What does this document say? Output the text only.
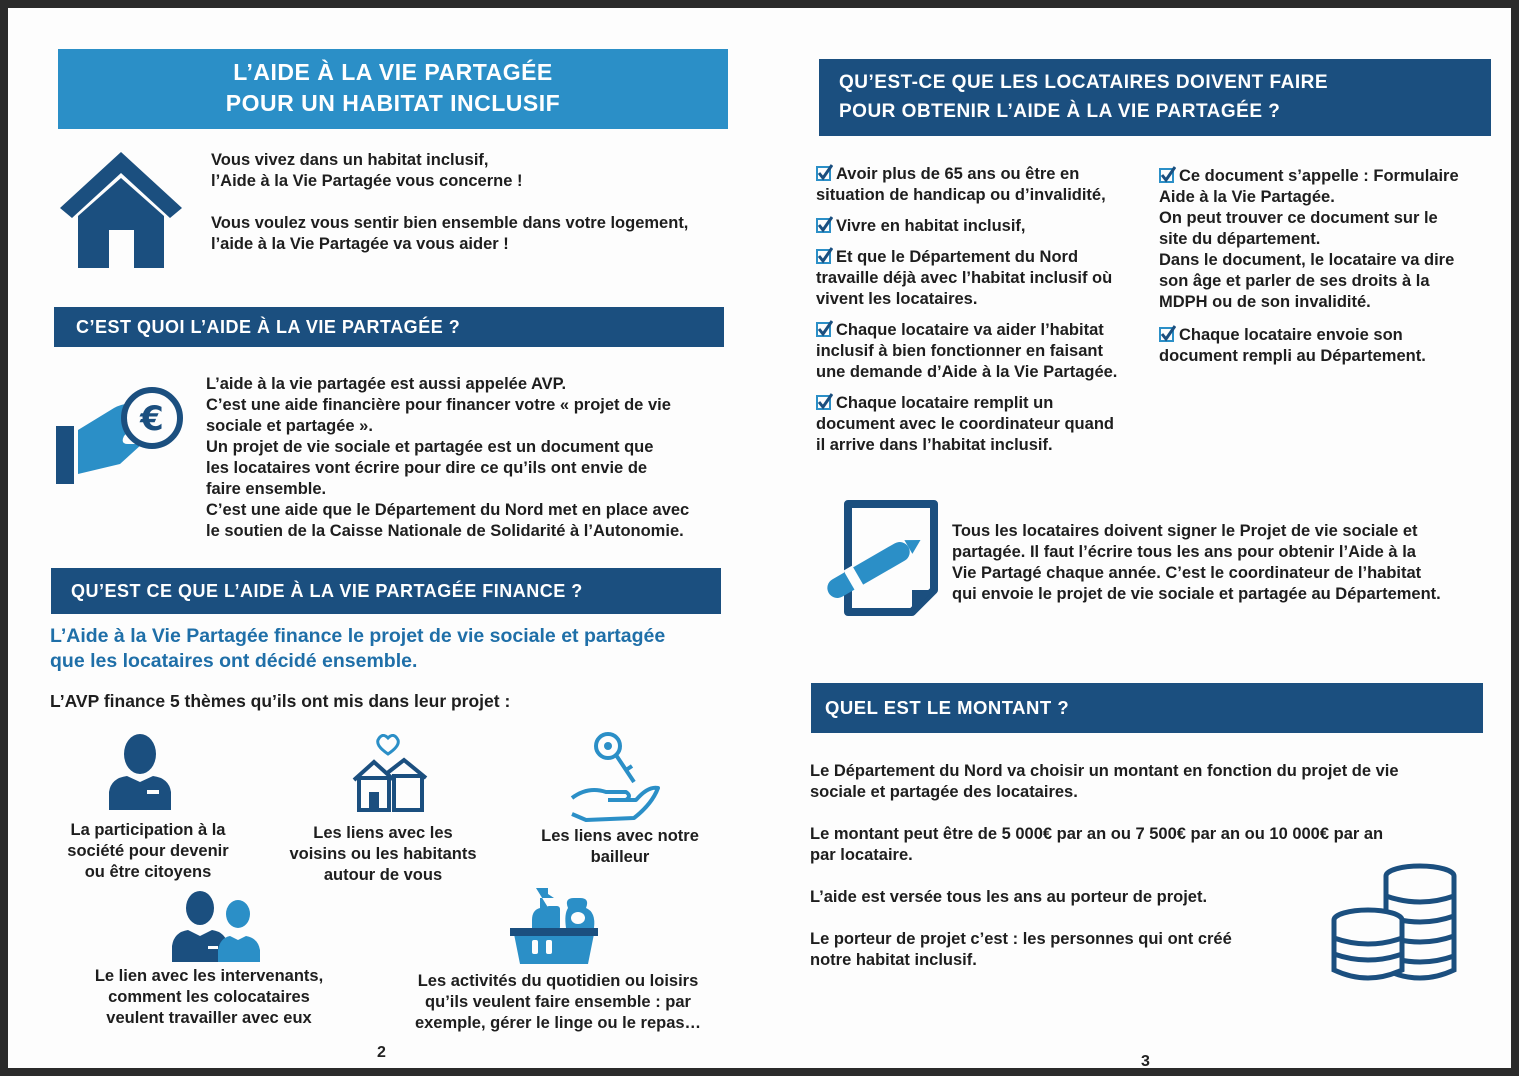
L’AIDE À LA VIE PARTAGÉE
POUR UN HABITAT INCLUSIF

Vous vivez dans un habitat inclusif,

l’Aide à la Vie Partagée vous concerne !

Vous voulez vous sentir bien ensemble dans votre logement,

l’aide à la Vie Partagée va vous aider !

C’EST QUOI L’AIDE À LA VIE PARTAGÉE ?
€

L’aide à la vie partagée est aussi appelée AVP.

C’est une aide financière pour financer votre « projet de vie

sociale et partagée ».

Un projet de vie sociale et partagée est un document que

les locataires vont écrire pour dire ce qu’ils ont envie de

faire ensemble.

C’est une aide que le Département du Nord met en place avec

le soutien de la Caisse Nationale de Solidarité à l’Autonomie.

QU’EST CE QUE L’AIDE À LA VIE PARTAGÉE FINANCE ?

L’Aide à la Vie Partagée finance le projet de vie sociale et partagée

que les locataires ont décidé ensemble.

L’AVP finance 5 thèmes qu’ils ont mis dans leur projet :

La participation à la

société pour devenir

ou être citoyens

Les liens avec les

voisins ou les habitants

autour de vous

Les liens avec notre

bailleur

Le lien avec les intervenants,

comment les colocataires

veulent travailler avec eux

Les activités du quotidien ou loisirs

qu’ils veulent faire ensemble : par

exemple, gérer le linge ou le repas…

2
QU’EST-CE QUE LES LOCATAIRES DOIVENT FAIRE
POUR OBTENIR L’AIDE À LA VIE PARTAGÉE ?

Avoir plus de 65 ans ou être en

situation de handicap ou d’invalidité,

Vivre en habitat inclusif,

Et que le Département du Nord

travaille déjà avec l’habitat inclusif où

vivent les locataires.

Chaque locataire va aider l’habitat

inclusif à bien fonctionner en faisant

une demande d’Aide à la Vie Partagée.

Chaque locataire remplit un

document avec le coordinateur quand

il arrive dans l’habitat inclusif.

Ce document s’appelle : Formulaire

Aide à la Vie Partagée.

On peut trouver ce document sur le

site du département.

Dans le document, le locataire va dire

son âge et parler de ses droits à la

MDPH ou de son invalidité.

Chaque locataire envoie son

document rempli au Département.

Tous les locataires doivent signer le Projet de vie sociale et

partagée. Il faut l’écrire tous les ans pour obtenir l’Aide à la

Vie Partagé chaque année. C’est le coordinateur de l’habitat

qui envoie le projet de vie sociale et partagée au Département.

QUEL EST LE MONTANT ?

Le Département du Nord va choisir un montant en fonction du projet de vie

sociale et partagée des locataires.

Le montant peut être de 5 000€ par an ou 7 500€ par an ou 10 000€ par an

par locataire.

L’aide est versée tous les ans au porteur de projet.

Le porteur de projet c’est : les personnes qui ont créé

notre habitat inclusif.

3
